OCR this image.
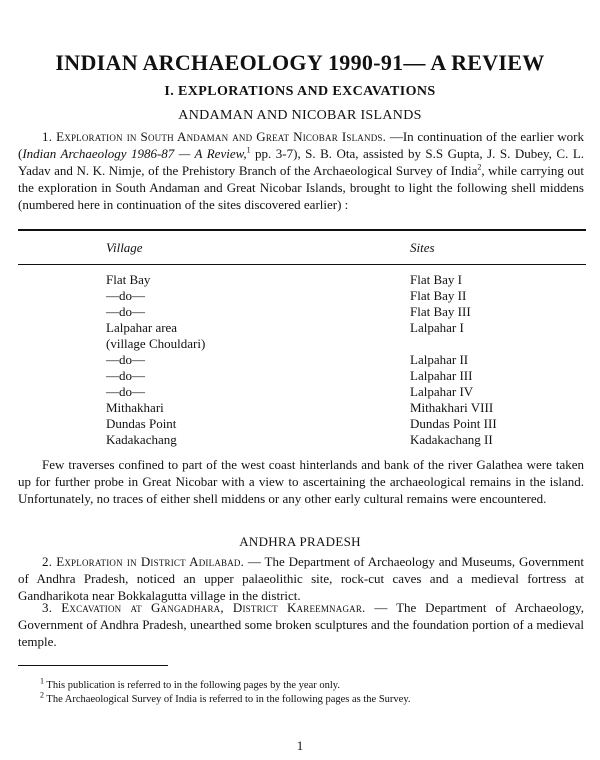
INDIAN ARCHAEOLOGY 1990-91— A REVIEW
I. EXPLORATIONS AND EXCAVATIONS
ANDAMAN AND NICOBAR ISLANDS
1. Exploration in South Andaman and Great Nicobar Islands. —In continuation of the earlier work (Indian Archaeology 1986-87 — A Review,$^1$ pp. 3-7), S. B. Ota, assisted by S.S Gupta, J. S. Dubey, C. L. Yadav and N. K. Nimje, of the Prehistory Branch of the Archaeological Survey of India$^2$, while carrying out the exploration in South Andaman and Great Nicobar Islands, brought to light the following shell middens (numbered here in continuation of the sites discovered earlier) :
Village	Sites
Flat Bay	Flat Bay I
—do—	Flat Bay II
—do—	Flat Bay III
Lalpahar area	Lalpahar I
(village Chouldari)
—do—	Lalpahar II
—do—	Lalpahar III
—do—	Lalpahar IV
Mithakhari	Mithakhari VIII
Dundas Point	Dundas Point III
Kadakachang	Kadakachang II
Few traverses confined to part of the west coast hinterlands and bank of the river Galathea were taken up for further probe in Great Nicobar with a view to ascertaining the archaeological remains in the island. Unfortunately, no traces of either shell middens or any other early cultural remains were encountered.
ANDHRA PRADESH
2. Exploration in District Adilabad. — The Department of Archaeology and Museums, Government of Andhra Pradesh, noticed an upper palaeolithic site, rock-cut caves and a medieval fortress at Gandharikota near Bokkalagutta village in the district.
3. Excavation at Gangadhara, District Kareemnagar. — The Department of Archaeology, Government of Andhra Pradesh, unearthed some broken sculptures and the foundation portion of a medieval temple.
$^1$ This publication is referred to in the following pages by the year only.
$^2$ The Archaeological Survey of India is referred to in the following pages as the Survey.
1
